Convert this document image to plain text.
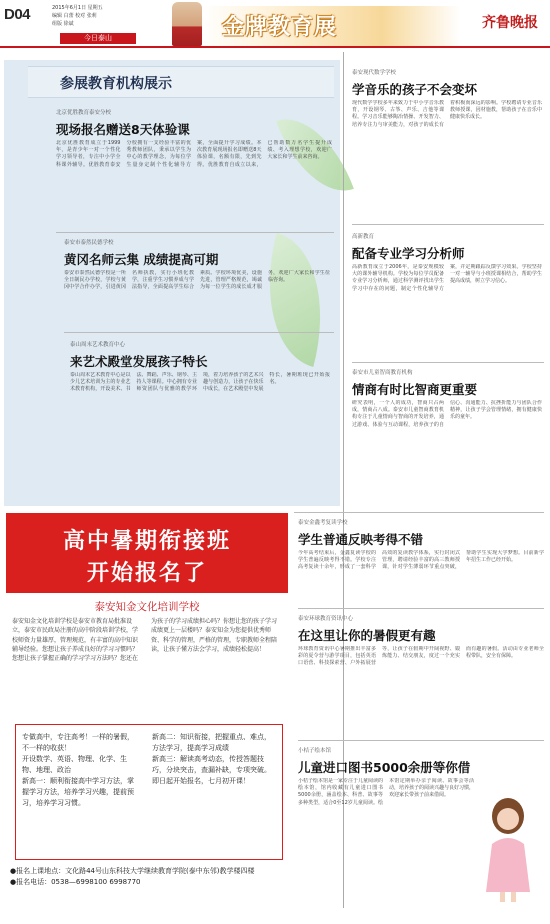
D04	2015年6月1日 星期五
编辑 白蕾 校对 张莉
组版 徐斌
今日泰山	金牌教育展	齐鲁晚报
参展教育机构展示
北京优胜教育泰安分校
现场报名赠送8天体验课
北京优胜教育成立于1999年，是青少年一对一个性化学习领导者，专注中小学全科课外辅导。优胜教育泰安分校拥有一支经验丰富的优秀教师团队，秉承以学生为中心的教学理念，为每位学生量身定制个性化辅导方案，全面提升学习成绩。本次教育展现场报名即赠送8天体验课，名额有限，先到先得。优胜教育自成立以来，已帮助数万名学生提升成绩、考入理想学校，欢迎广大家长和学生前来咨询。
泰安市泰然民德学校
黄冈名师云集 成绩提高可期
泰安市泰然民德学校是一所全日制民办学校，学校与黄冈中学合作办学，引进黄冈名师执教，实行小班化教学，注重学生习惯养成与学法指导，全面提高学生综合素质。学校环境优美，设施先进，管理严格规范，竭诚为每一位学生的成长成才服务，欢迎广大家长和学生莅临咨询。
泰山周末艺术教育中心
来艺术殿堂发展孩子特长
泰山周末艺术教育中心是以少儿艺术培训为主的专业艺术教育机构，开设美术、书法、舞蹈、声乐、钢琴、主持人等课程。中心拥有专业师资团队与优雅的教学环境，着力培养孩子的艺术兴趣与创造力，让孩子在快乐中成长，在艺术殿堂中发展特长，暑期班现已开始报名。
泰安现代数学学校
学音乐的孩子不会变坏
现代数学学校多年来致力于中小学音乐教育，开设钢琴、古筝、声乐、吉他等课程。学习音乐能够陶冶情操、开发智力、培养专注力与审美能力，对孩子的成长有着积极而深远的影响。学校聘请专业音乐教师授课，因材施教，帮助孩子在音乐中健康快乐成长。
高新教育
配备专业学习分析师
高新教育成立于2006年，是泰安规模较大的课外辅导机构。学校为每位学员配备专业学习分析师，通过科学测评找出学生学习中存在的问题，制定个性化辅导方案，并定期跟踪反馈学习效果。学校坚持一对一辅导与小班授课相结合，帮助学生提高成绩，树立学习信心。
泰安市儿童智商教育机构
情商有时比智商更重要
研究表明，一个人的成功，智商只占两成，情商占八成。泰安市儿童智商教育机构专注于儿童情商与智商的开发培养，通过游戏、体验与互动课程，培养孩子的自信心、沟通能力、抗挫折能力与团队合作精神，让孩子学会管理情绪，拥有健康快乐的童年。
泰安金鑫考复读学校
学生普通反映考得不错
今年高考结束后，金鑫复读学校的学生普遍反映考得不错。学校专注高考复读十余年，形成了一套科学高效的复读教学体系，实行封闭式管理，聘请经验丰富的高三教师授课，针对学生薄弱环节重点突破，帮助学生实现大学梦想。目前新学年招生工作已经开始。
泰安环球教育资讯中心
在这里让你的暑假更有趣
环球教育资讯中心暑期推出丰富多彩的夏令营与游学项目，包括英语口语营、科技探索营、户外拓展营等，让孩子在假期中开阔视野、锻炼能力、结交朋友，度过一个充实而有趣的暑假。活动由专业老师全程带队，安全有保障。
小桔子绘本馆
儿童进口图书5000余册等你借
小桔子绘本馆是一家专注于儿童阅读的绘本馆，馆内收藏有儿童进口图书5000余册，涵盖绘本、科普、故事等多种类型，适合0至12岁儿童阅读。绘本馆定期举办亲子阅读、故事会等活动，培养孩子的阅读兴趣与良好习惯，欢迎家长带孩子前来借阅。
高中暑期衔接班
开始报名了
泰安知金文化培训学校
泰安知金文化培训学校是泰安市教育局批准设立，泰安市民政局注册的高中阶段培训学校，学校师资力量雄厚，管理规范，有丰富的高中知识辅导经验。您想让孩子养成良好的学习习惯吗？您想让孩子掌握正确的学习学习方法吗？您还在为孩子的学习成绩担心吗？你想让您的孩子学习成绩更上一层楼吗？泰安知金为您提供优秀师资、科学的管理，严格的管理，专职教师全程陪读，让孩子懂方法会学习，成绩轻松提高！
专做高中，专注高考！一样的暑假，不一样的收获！
开设数学、英语、物理、化学、生物、地理、政治
新高一：顺利衔接高中学习方法，掌握学习方法，培养学习兴趣，提前预习，培养学习习惯。
新高二：知识衔接，把握重点、难点，方法学习，提高学习成绩
新高三：解读高考动态，传授答题技巧，分块突击，查漏补缺，专项突破。
即日起开始报名，七月初开课！
●报名上课地点：文化路44号山东科技大学继续教育学院(泰中东邻)教学楼四楼
●报名电话：0538—6998100 6998770
